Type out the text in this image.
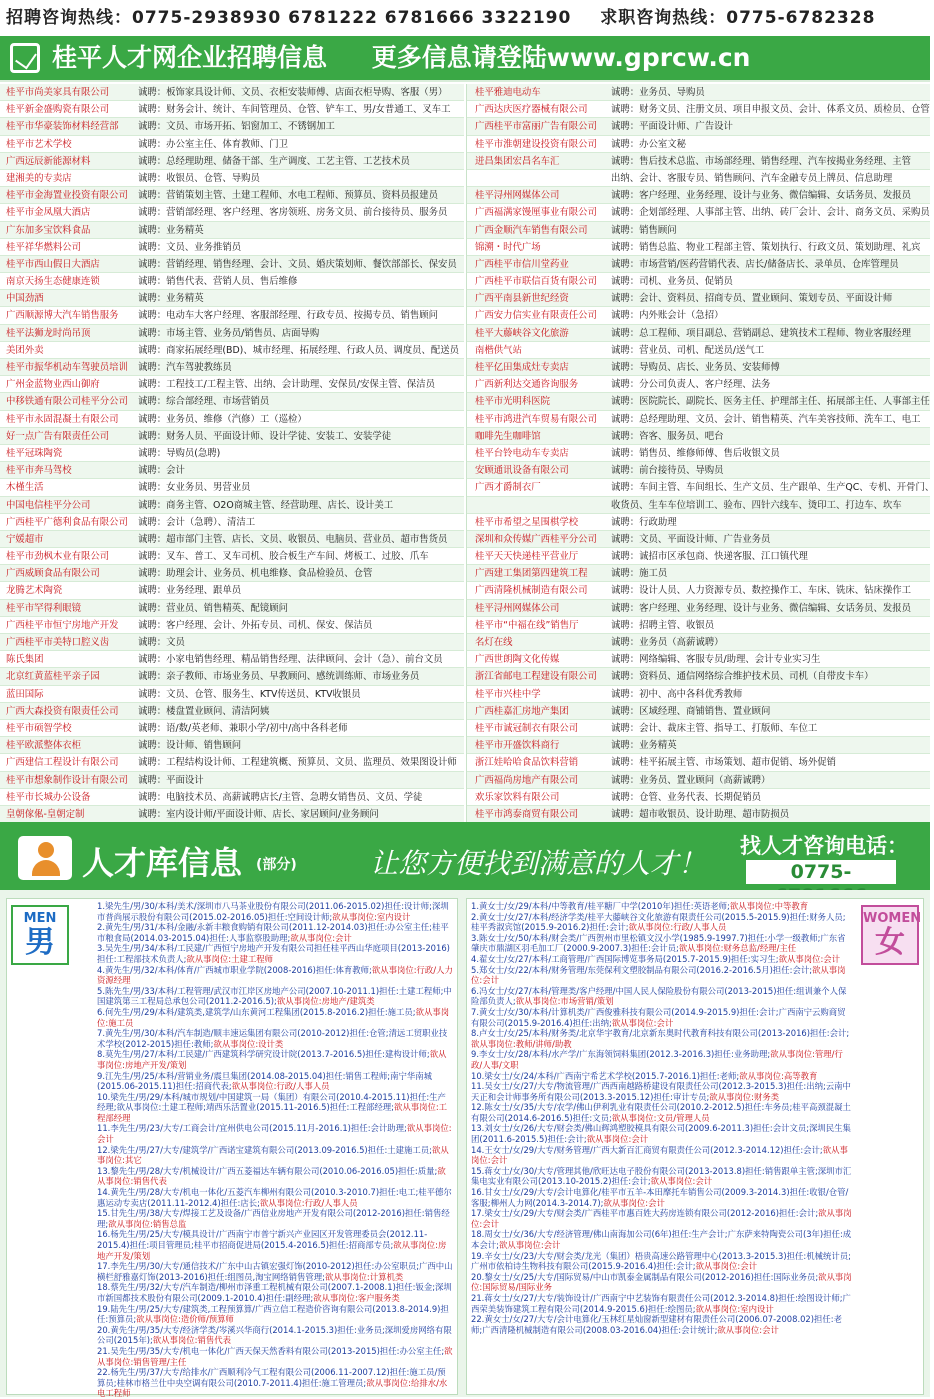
招聘咨询热线：0775-2938930 6781222 6781666 3322190 求职咨询热线：0775-6782328
桂平人才网企业招聘信息 更多信息请登陆www.gprcw.cn
桂平市尚美家具有限公司	诚聘：板饰家具设计师、文员、衣柜安装师傅、店面衣柜导购、客服（男）
桂平新金盛购瓷有限公司	诚聘：财务会计、统计、车间管理员、仓管、铲车工、男/女普通工、叉车工
桂平市华豪装饰材料经营部	诚聘：文员、市场开拓、铝窗加工、不锈钢加工
桂平市艺术学校	诚聘：办公室主任、体育教师、门卫
广西远辰新能源材料	诚聘：总经理助理、储备干部、生产调度、工艺主管、工艺技术员
建湘美的专卖店	诚聘：收银员、仓管、导购员
桂平市金海置业投资有限公司	诚聘：营销策划主管、土建工程师、水电工程师、预算员、资料员报建员
桂平市金凤凰大酒店	诚聘：营销部经理、客户经理、客房领班、房务文员、前台接待员、服务员
广东加多宝饮料食品	诚聘：业务精英
桂平祥华燃料公司	诚聘：文员、业务推销员
桂平市西山假日大酒店	诚聘：营销经理、销售经理、会计、文员、婚庆策划师、餐饮部部长、保安员
南京天扬生态健康连锁	诚聘：销售代表、营销人员、售后维修
中国劲酒	诚聘：业务精英
广西顺源博大汽车销售服务	诚聘：电动车大客户经理、客服部经理、行政专员、按揭专员、销售顾问
桂平法狮龙时尚吊顶	诚聘：市场主管、业务员/销售员、店面导购
美团外卖	诚聘：商家拓展经理(BD)、城市经理、拓展经理、行政人员、调度员、配送员
桂平市振华机动车驾驶员培训	诚聘：汽车驾驶教练员
广州金蓝物业西山御府	诚聘：工程技工/工程主管、出纳、会计助理、安保员/安保主管、保洁员
中移铁通有限公司桂平分公司	诚聘：综合部经理、市场营销员
桂平市永固混凝土有限公司	诚聘：业务员、维修（汽修）工（巡检）
好一点广告有限责任公司	诚聘：财务人员、平面设计师、设计学徒、安装工、安装学徒
桂平冠珠陶瓷	诚聘：导购员(急聘)
桂平市奔马驾校	诚聘：会计
木槿生活	诚聘：女业务员、男营业员
中国电信桂平分公司	诚聘：商务主管、O2O商城主管、经营助理、店长、设计美工
广西桂平广德利食品有限公司	诚聘：会计（急聘）、清洁工
宁媛超市	诚聘：超市部门主管、店长、文员、收银员、电脑员、营业员、超市售货员
桂平市劲枫木业有限公司	诚聘：叉车、普工、叉车司机、胶合板生产车间、烤板工、过胶、爪车
广西威顾食品有限公司	诚聘：助理会计、业务员、机电维修、食品检验员、仓管
龙腾艺术陶瓷	诚聘：业务经理、跟单员
桂平市罕得利眼镜	诚聘：营业员、销售精英、配镜顾问
广西桂平市恒宁房地产开发	诚聘：客户经理、会计、外拓专员、司机、保安、保洁员
广西桂平市美特口腔义齿	诚聘：文员
陈氏集团	诚聘：小家电销售经理、精品销售经理、法律顾问、会计（急）、前台文员
北京红黄蓝桂平亲子园	诚聘：亲子教师、市场业务员、早教顾问、感统训练师、市场业务员
蓝田国际	诚聘：文员、仓管、服务生、KTV传送员、KTV收银员
广西大森投资有限责任公司	诚聘：楼盘置业顾问、清洁阿姨
桂平市硕智学校	诚聘：语/数/英老师、兼职小学/初中/高中各科老师
桂平欧派整体衣柜	诚聘：设计师、销售顾问
广西建信工程设计有限公司	诚聘：工程结构设计师、工程建筑概、预算员、文员、监理员、效果图设计师
桂平市想象制作设计有限公司	诚聘：平面设计
桂平市长城办公设备	诚聘：电脑技术员、高薪诚聘店长/主管、急聘女销售员、文员、学徒
皇朝傢俬-皇朝定制	诚聘：室内设计师/平面设计师、店长、家居顾问/业务顾问
桂平雅迪电动车	诚聘：业务员、导购员
广西达庆医疗器械有限公司	诚聘：财务文员、注册文员、项目申报文员、会计、体系文员、质检员、仓管
广西桂平市富丽广告有限公司	诚聘：平面设计师、广告设计
桂平市淮朝建设投资有限公司	诚聘：办公室文秘
迸昌集团宏昌名车汇	诚聘：售后技术总监、市场部经理、销售经理、汽车按揭业务经理、主管
出纳、会计、客服专员、销售顾问、汽车金融专员上牌员、信息助理
桂平浔州网媒体公司	诚聘：客户经理、业务经理、设计与业务、微信编辑、女话务员、发报员
广西福满家馒厘事业有限公司	诚聘：企划部经理、人事部主管、出纳、砖厂会计、会计、商务文员、采购员
广西金顺汽车销售有限公司	诚聘：销售顾问
锦溯・时代广场	诚聘：销售总监、物业工程部主管、策划执行、行政文员、策划助理、礼宾
广西桂平市信川堂药业	诚聘：市场营销/医药营销代表、店长/储备店长、录单员、仓库管理员
广西桂平市联信百货有限公司	诚聘：司机、业务员、促销员
广西平南县新世纪经资	诚聘：会计、资料员、招商专员、置业顾问、策划专员、平面设计师
广西安力信实业有限责任公司	诚聘：内外账会计（急招）
桂平大藤峡谷文化旅游	诚聘：总工程师、项目副总、营销副总、建筑技术工程师、物业客服经理
南楷供气站	诚聘：营业员、司机、配送员/送气工
桂平亿田集成灶专卖店	诚聘：导购员、店长、业务员、安装师傅
广西新利达交通咨询服务	诚聘：分公司负责人、客户经理、法务
桂平市光明科医院	诚聘：医院院长、副院长、医务主任、护理部主任、拓展部主任、人事部主任
桂平市鸿进汽车贸易有限公司	诚聘：总经理助理、文员、会计、销售精英、汽车美容技师、洗车工、电工
咖啡先生咖啡馆	诚聘：咨客、服务员、吧台
桂平台铃电动车专卖店	诚聘：销售员、维修师傅、售后收银文员
安顾通讯设备有限公司	诚聘：前台接待员、导购员
广西才爵制衣厂	诚聘：车间主管、车间组长、生产文员、生产跟单、生产QC、专机、开骨门、
收货员、生车车位培训工、验布、四针六线车、烫印工、打边车、坎车
桂平市希望之星围棋学校	诚聘：行政助理
深圳和众传媒广西桂平分公司	诚聘：文员、平面设计师、广告业务员
桂平天天快递桂平营业厅	诚聘：诚招市区承包商、快递客服、江口镇代理
广西建工集团第四建筑工程	诚聘：施工员
广西清隆机械制造有限公司	诚聘：设计人员、人力资源专员、数控操作工、车床、铣床、钻床操作工
桂平浔州网媒体公司	诚聘：客户经理、业务经理、设计与业务、微信编辑、女话务员、发报员
桂平市“中福在线”销售厅	诚聘：招聘主管、收银员
名灯在线	诚聘：业务员（高薪诚聘）
广西世朗陶文化传媒	诚聘：网络编辑、客服专员/助理、会计专业实习生
浙江省邮电工程建设有限公司	诚聘：资料员、通信网络综合维护技术员、司机（自带皮卡车）
桂平市兴桂中学	诚聘：初中、高中各科优秀教师
广西桂嘉汇房地产集团	诚聘：区域经理、商铺销售、置业顾问
桂平市诚冠制衣有限公司	诚聘：会计、裁床主管、指导工、打版师、车位工
桂平市开盛饮料商行	诚聘：业务精英
浙江娃哈哈食品饮料营销	诚聘：桂平拓展主管、市场策划、超市促销、场外促销
广西福尚房地产有限公司	诚聘：业务员、置业顾问（高薪诚聘）
欢乐家饮料有限公司	诚聘：仓管、业务代表、长期促销员
桂平市鸿泰商贸有限公司	诚聘：超市收银员、设计助理、超市防损员
人才库信息 (部分)	让您方便找到满意的人才！
找人才咨询电话：
0775-
MEN
男
1.梁先生/男/30/本科/美术/深圳市八马茶业股份有限公司(2011.06-2015.02)担任:设计师;深圳市普尚展示股份有限公司(2015.02-2016.05)担任:空间设计师;欲从事岗位:室内设计
2.黄先生/男/31/本科/金融/永新丰粮食购销有限公司(2011.12-2014.03)担任:办公室主任;桂平市粮食局(2014.03-2015.04)担任:人事监察股助理;欲从事岗位:会计
3.吴先生/男/34/本科/工民建/广西恒宁房地产开发有限公司担任桂平西山华庭项目(2013-2016)担任:工程部技术负责人;欲从事岗位:土建工程师
4.黄先生/男/32/本科/体育/广西城市职业学院(2008-2016)担任:体育教师;欲从事岗位:行政/人力资源经理
5.陈先生/男/33/本科/工程管理/武汉市江岸区房地产公司(2007.10-2011.1)担任:土建工程师;中国建筑第三工程局总承包公司(2011.2-2016.5);欲从事岗位:房地产/建筑类
6.何先生/男/29/本科/建筑类,建筑学/山东黄河工程集团(2015.8-2016.2)担任:施工员;欲从事岗位:施工员
7.黄先生/男/30/本科/汽车制造/顺丰速运集团有限公司(2010-2012)担任:仓管;清远工贸职业技术学校(2012-2015)担任:教师;欲从事岗位:设计类
8.莫先生/男/27/本科/工民建/广西建筑科学研究设计院(2013.7-2016.5)担任:建构设计师;欲从事岗位:房地产开发/策划
9.江先生/男/25/本科/营销业务/震旦集团(2014.08-2015.04)担任:销售工程师;南宁华南城(2015.06-2015.11)担任:招商代表;欲从事岗位:行政/人事人员
10.梁先生/男/29/本科/城市规划/中国建筑一局（集团）有限公司(2010.4-2015.11)担任:生产经理;欲从事岗位:土建工程师;靖西乐活置业(2015.11-2016.5)担任:工程部经理;欲从事岗位:工程部经理
11.李先生/男/23/大专/工商会计/宜州供电公司(2015.11月-2016.1)担任:会计助理;欲从事岗位:会计
12.梁先生/男/27/大专/建筑学/广西诺宝建筑有限公司(2013.09-2016.5)担任:土建施工员;欲从事岗位:其它
13.黎先生/男/28/大专/机械设计/广西五菱福达车辆有限公司(2010.06-2016.05)担任:质量;欲从事岗位:销售代表
14.黄先生/男/28/大专/机电一体化/五菱汽车柳州有限公司(2010.3-2010.7)担任:电工;桂平德尔惠运动专卖店(2011.11-2012.4)担任:店长;欲从事岗位:行政/人事人员
15.甘先生/男/38/大专/焊接工艺及设备/广西信业房地产开发有限公司(2012-2016)担任:销售经理;欲从事岗位:销售总监
16.杨先生/男/25/大专/模具设计/广西南宁市普宁新兴产业园区开发管理委员会(2012.11-2015.4)担任:项目管理员;桂平市招商促进局(2015.4-2016.5)担任:招商部专员;欲从事岗位:房地产开发/策划
17.李先生/男/30/大专/通信技术/广东中山古镇宏强灯饰(2010-2012)担任:办公室职员;广西中山横栏舒雅嘉灯饰(2013-2016)担任:组图员,淘宝网络销售管理;欲从事岗位:计算机类
18.蔡先生/男/32/大专/汽车制造/柳州市泽重工程机械有限公司(2007.1-2008.1)担任:钣金;深圳市新国都技术股份有限公司(2009.1-2010.4)担任:副经理;欲从事岗位:客户服务类
19.陆先生/男/25/大专/建筑类,工程预算算/广西立信工程造价咨询有限公司(2013.8-2014.9)担任:预算员;欲从事岗位:造价师/预算师
20.黄先生/男/35/大专/经济学类/岑溪兴华商行(2014.1-2015.3)担任:业务员;深圳爱房网络有限公司(2015年);欲从事岗位:销售代表
21.吴先生/男/35/大专/机电一体化/广西天保天然香料有限公司(2013-2015)担任:办公室主任;欲从事岗位:销售管理/主任
22.杨先生/男/37/大专/给排水/广西顺利冷气工程有限公司(2006.11-2007.12)担任:施工员/预算员;桂林市格兰仕中央空调有限公司(2010.7-2011.4)担任:施工管理员;欲从事岗位:给排水/水电工程师
WOMEN
女
1.黄女士/女/29/本科/中等教育/桂平糖厂中学(2010年)担任:英语老师;欲从事岗位:中等教育
2.黄女士/女/27/本科/经济学类/桂平大藤峡谷文化旅游有限责任公司(2015.5-2015.9)担任:财务人员;桂平秀淑宾馆(2015.9-2016.2)担任:会计;欲从事岗位:行政/人事人员
3.陈女士/女/50/本科/财会类/广西贺州市里松镇文汉小学(1985.9-1997.7)担任:小学一级教师;广东省肇庆市鼎湖区羽毛加工厂(2000.9-2007.3)担任:会计员;欲从事岗位:财务总监/经理/主任
4.翟女士/女/27/本科/工商管理/广西国际博览事务局(2015.7-2015.9)担任:实习生;欲从事岗位:会计
5.郑女士/女/22/本科/财务管理/东莞保利文塑胶制品有限公司(2016.2-2016.5月)担任:会计;欲从事岗位:会计
6.冯女士/女/27/本科/管理类/客户经理/中国人民人保险股份有限公司(2013-2015)担任:组训兼个人保险部负责人;欲从事岗位:市场营销/策划
7.黄女士/女/30/本科/计算机类/广西俊雅科技有限公司(2014.9-2015.9)担任:会计;广西南宁云购商贸有限公司(2015.9-2016.4)担任:出纳;欲从事岗位:会计
8.卢女士/女/25/本科/财务类/北京华宇教育/北京新东奥时代教育科技有限公司(2013-2016)担任:会计;欲从事岗位:教师/讲师/助教
9.李女士/女/28/本科/水产学/广东海领饲料集团(2012.3-2016.3)担任:业务助理;欲从事岗位:管理/行政/人事/文职
10.梁女士/女/24/本科/广西南宁希艺术学校(2015.7-2016.1)担任:老师;欲从事岗位:高等教育
11.吴女士/女/27/大专/物流管理/广西西南越路桥建设有限责任公司(2012.3-2015.3)担任:出纳;云南中天正和会计师事务所有限公司(2013.3-2015.12)担任:审计专员;欲从事岗位:财务类
12.陈女士/女/35/大专/农学/佛山伊利乳业有限责任公司(2010.2-2012.5)担任:车务员;桂平高颈混凝土有限公司(2014.6-2016.5)担任:文员;欲从事岗位:文员/管理人员
13.刘女士/女/26/大专/财会类/佛山辉鸿塑胶模具有限公司(2009.6-2011.3)担任:会计文员;深圳民生集团(2011.6-2015.5)担任:会计;欲从事岗位:会计
14.王女士/女/29/大专/财务管理/广西大新百汇商贸有限责任公司(2012.3-2014.12)担任:会计;欲从事岗位:会计
15.蒋女士/女/30/大专/管理其他/欣旺达电子股份有限公司(2013-2013.8)担任:销售跟单主管;深圳市汇集电实业有限公司(2013.10-2015.2)担任:会计;欲从事岗位:会计
16.甘女士/女/29/大专/会计电算化/桂平市五羊-本田摩托车销售公司(2009.3-2014.3)担任:收银/仓管/客服;柳州人力网(2014.3-2014.7);欲从事岗位:会计
17.梁女士/女/29/大专/财会类/广西桂平市惠百姓大药房连锁有限公司(2012-2016)担任:会计;欲从事岗位:会计
18.周女士/女/36/大专/经济管理/佛山南海加公司(6年)担任:生产会计;广东萨来特陶瓷公司(3年)担任:成本会计;欲从事岗位:会计
19.辛女士/女/23/大专/财会类/龙光（集团）梧贵高速公路管理中心(2013.3-2015.3)担任:机械统计员;广州市依柏诗生物科技有限公司(2015.9-2016.4)担任:会计;欲从事岗位:会计
20.黎女士/女/25/大专/国际贸易/中山市凯泰金属制品有限公司(2012-2016)担任:国际业务员;欲从事岗位:国际贸易/国际业务
21.蒋女士/女/27/大专/装饰设计/广西南宁中艺装饰有限责任公司(2012.3-2014.8)担任:绘图设计师;广西荣美装饰建筑工程有限公司(2014.9-2015.6)担任:绘图员;欲从事岗位:室内设计
22.黄女士/女/27/大专/会计电算化/玉林红星灿窗新型建材有限责任公司(2006.07-2008.02)担任:老师;广西清隆机械制造有限公司(2008.03-2016.04)担任:会计统计;欲从事岗位:会计
